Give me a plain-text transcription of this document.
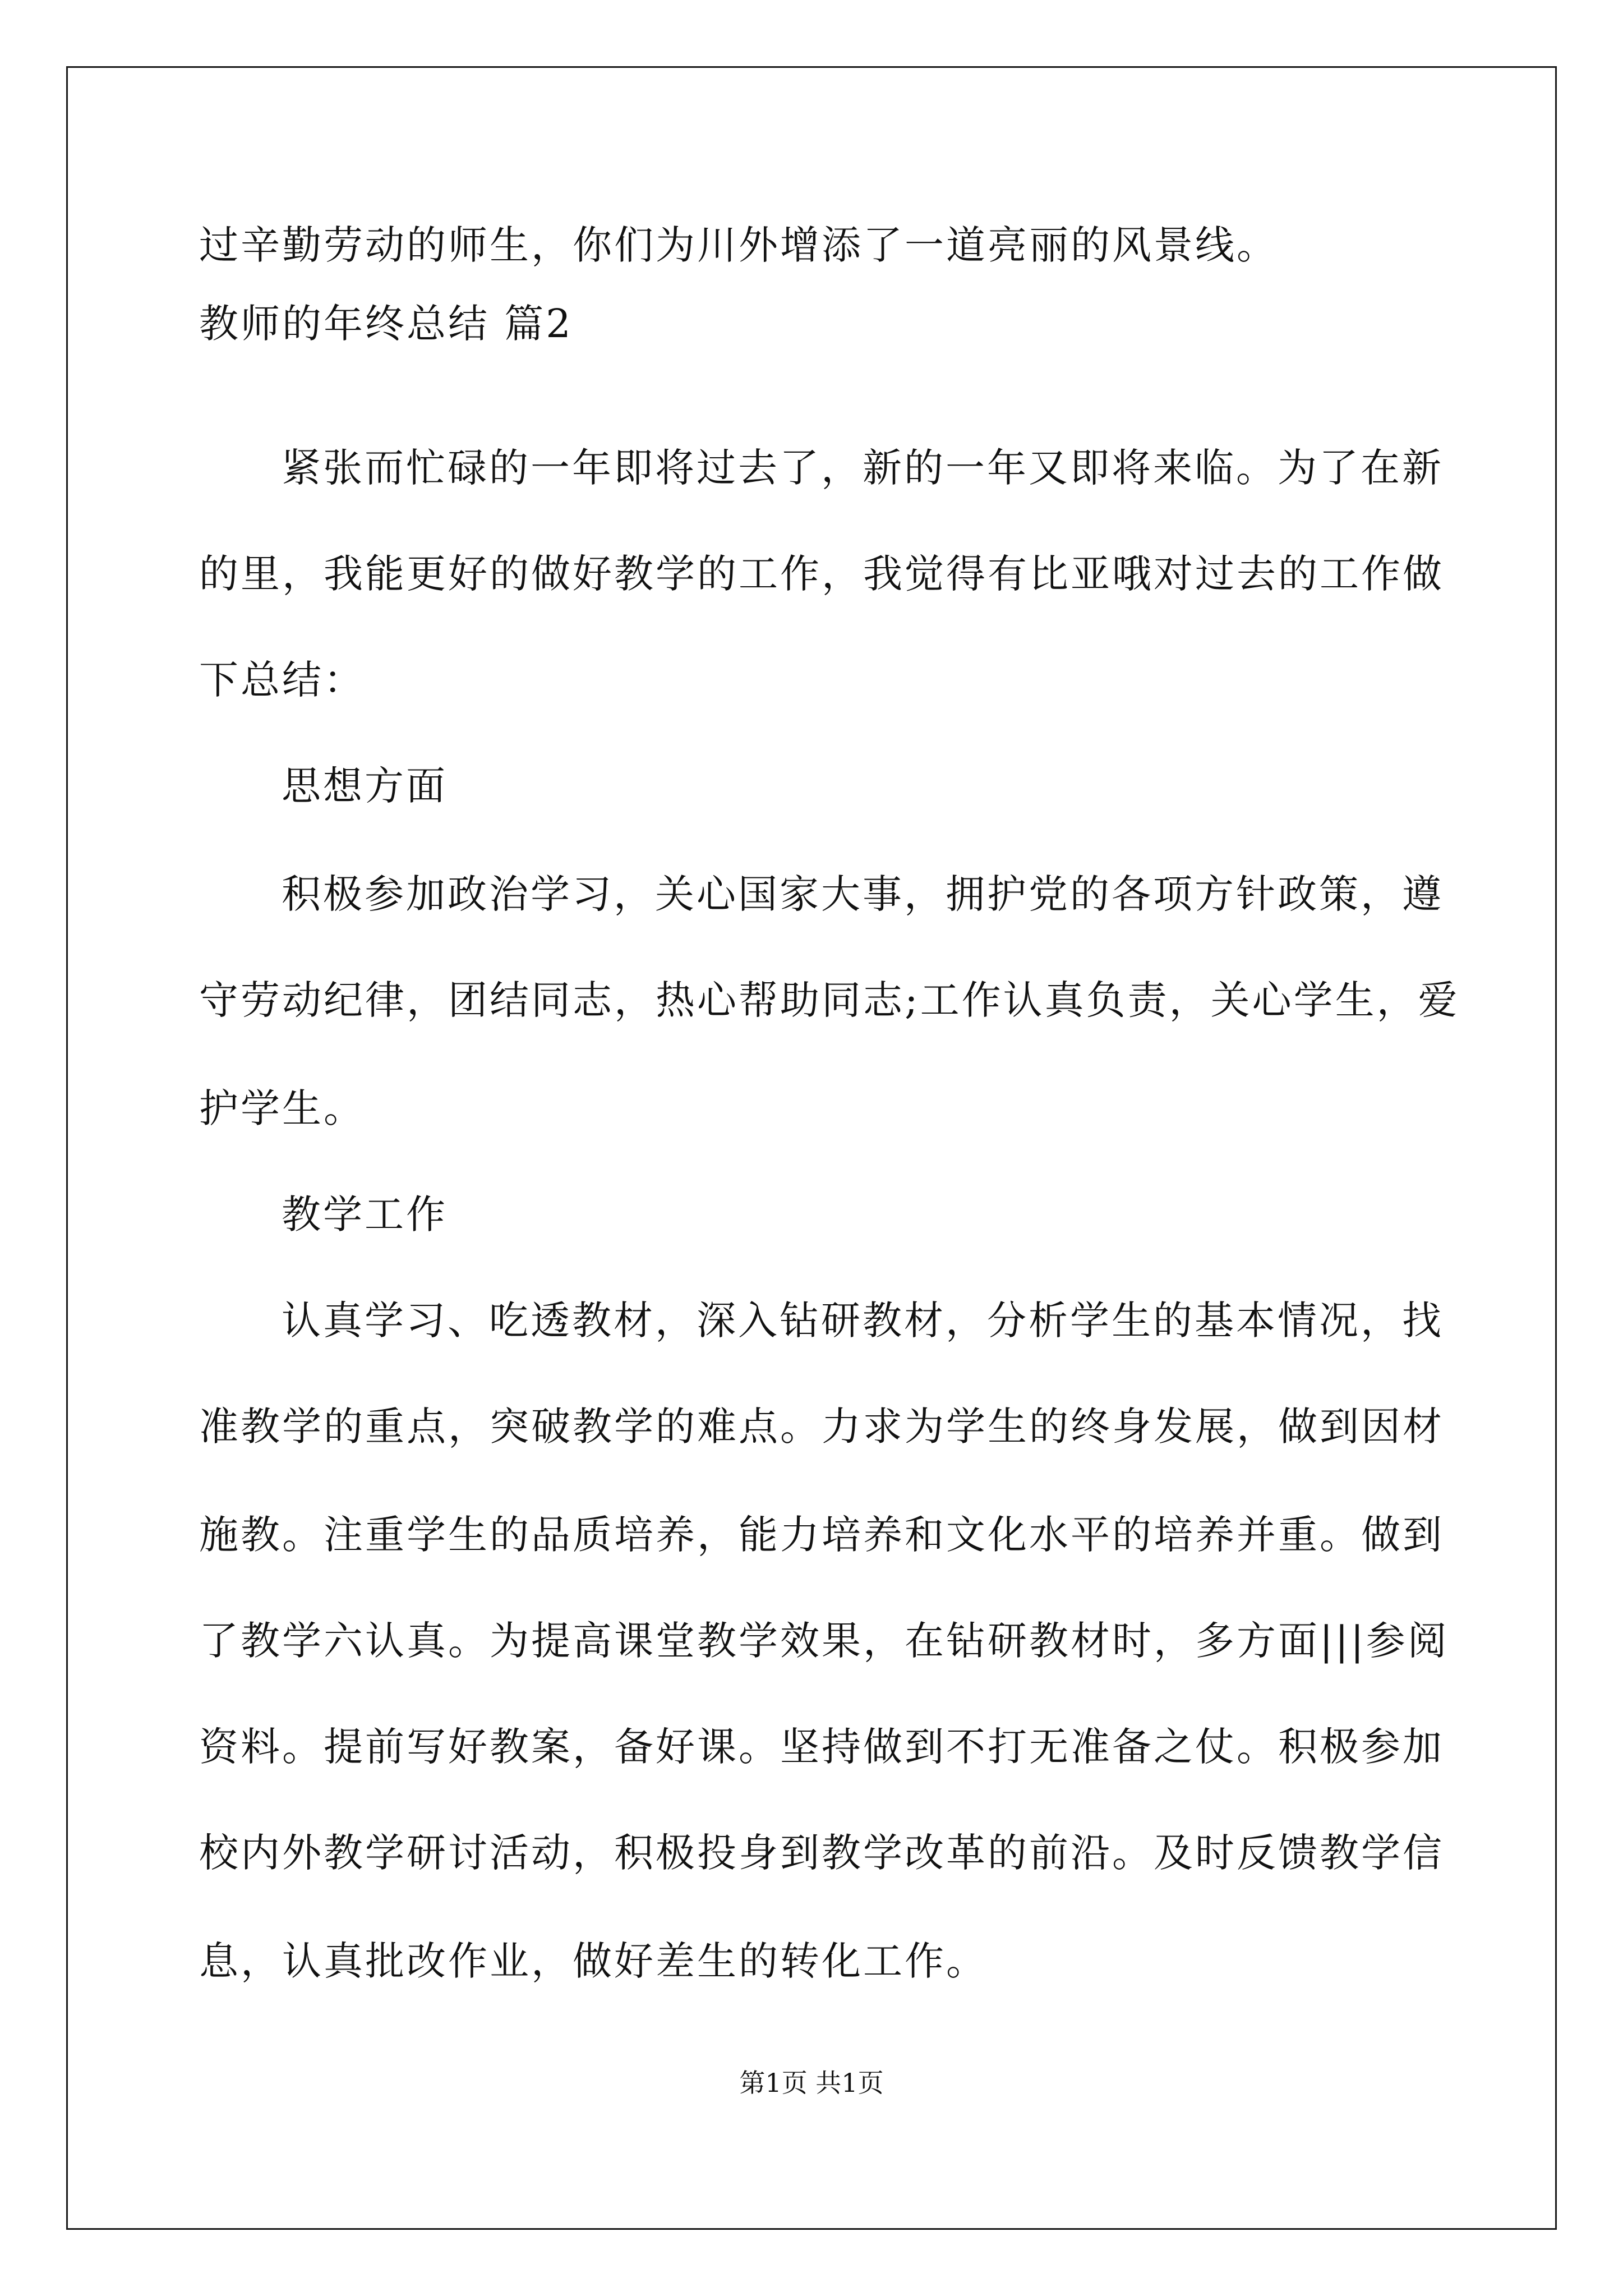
过辛勤劳动的师生，你们为川外增添了一道亮丽的风景线。
教师的年终总结 篇2
紧张而忙碌的一年即将过去了，新的一年又即将来临。为了在新
的里，我能更好的做好教学的工作，我觉得有比亚哦对过去的工作做
下总结：
思想方面
积极参加政治学习，关心国家大事，拥护党的各项方针政策，遵
守劳动纪律，团结同志，热心帮助同志;工作认真负责，关心学生，爱
护学生。
教学工作
认真学习、吃透教材，深入钻研教材，分析学生的基本情况，找
准教学的重点，突破教学的难点。力求为学生的终身发展，做到因材
施教。注重学生的品质培养，能力培养和文化水平的培养并重。做到
了教学六认真。为提高课堂教学效果，在钻研教材时，多方面|||参阅
资料。提前写好教案，备好课。坚持做到不打无准备之仗。积极参加
校内外教学研讨活动，积极投身到教学改革的前沿。及时反馈教学信
息，认真批改作业，做好差生的转化工作。
第1页 共1页
